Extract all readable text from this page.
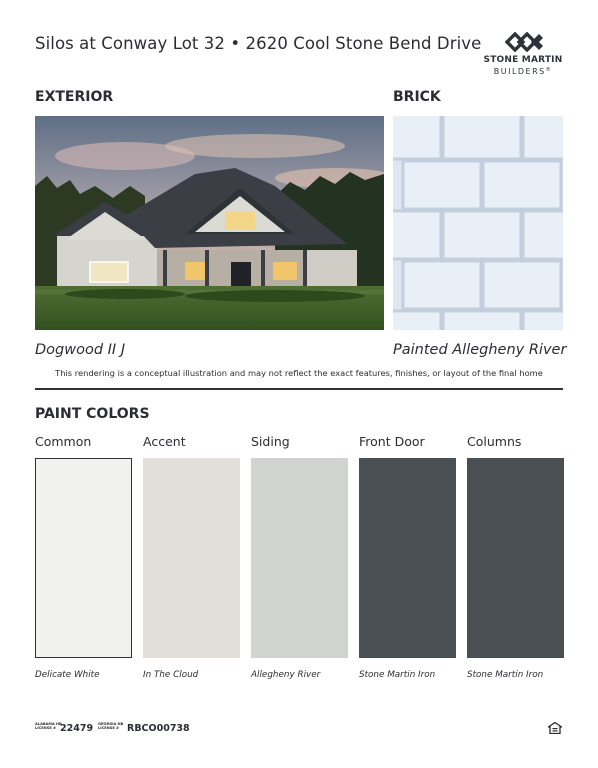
Silos at Conway Lot 32 • 2620 Cool Stone Bend Drive
STONE MARTIN
BUILDERS®
EXTERIOR	BRICK
Dogwood II J	Painted Allegheny River
This rendering is a conceptual illustration and may not reflect the exact features, finishes, or layout of the final home
PAINT COLORS
Common	Accent	Siding	Front Door	Columns
Delicate White	In The Cloud	Allegheny River	Stone Martin Iron	Stone Martin Iron
ALABAMA HB
LICENSE # 22479 GEORGIA HB
LICENSE # RBCO00738
